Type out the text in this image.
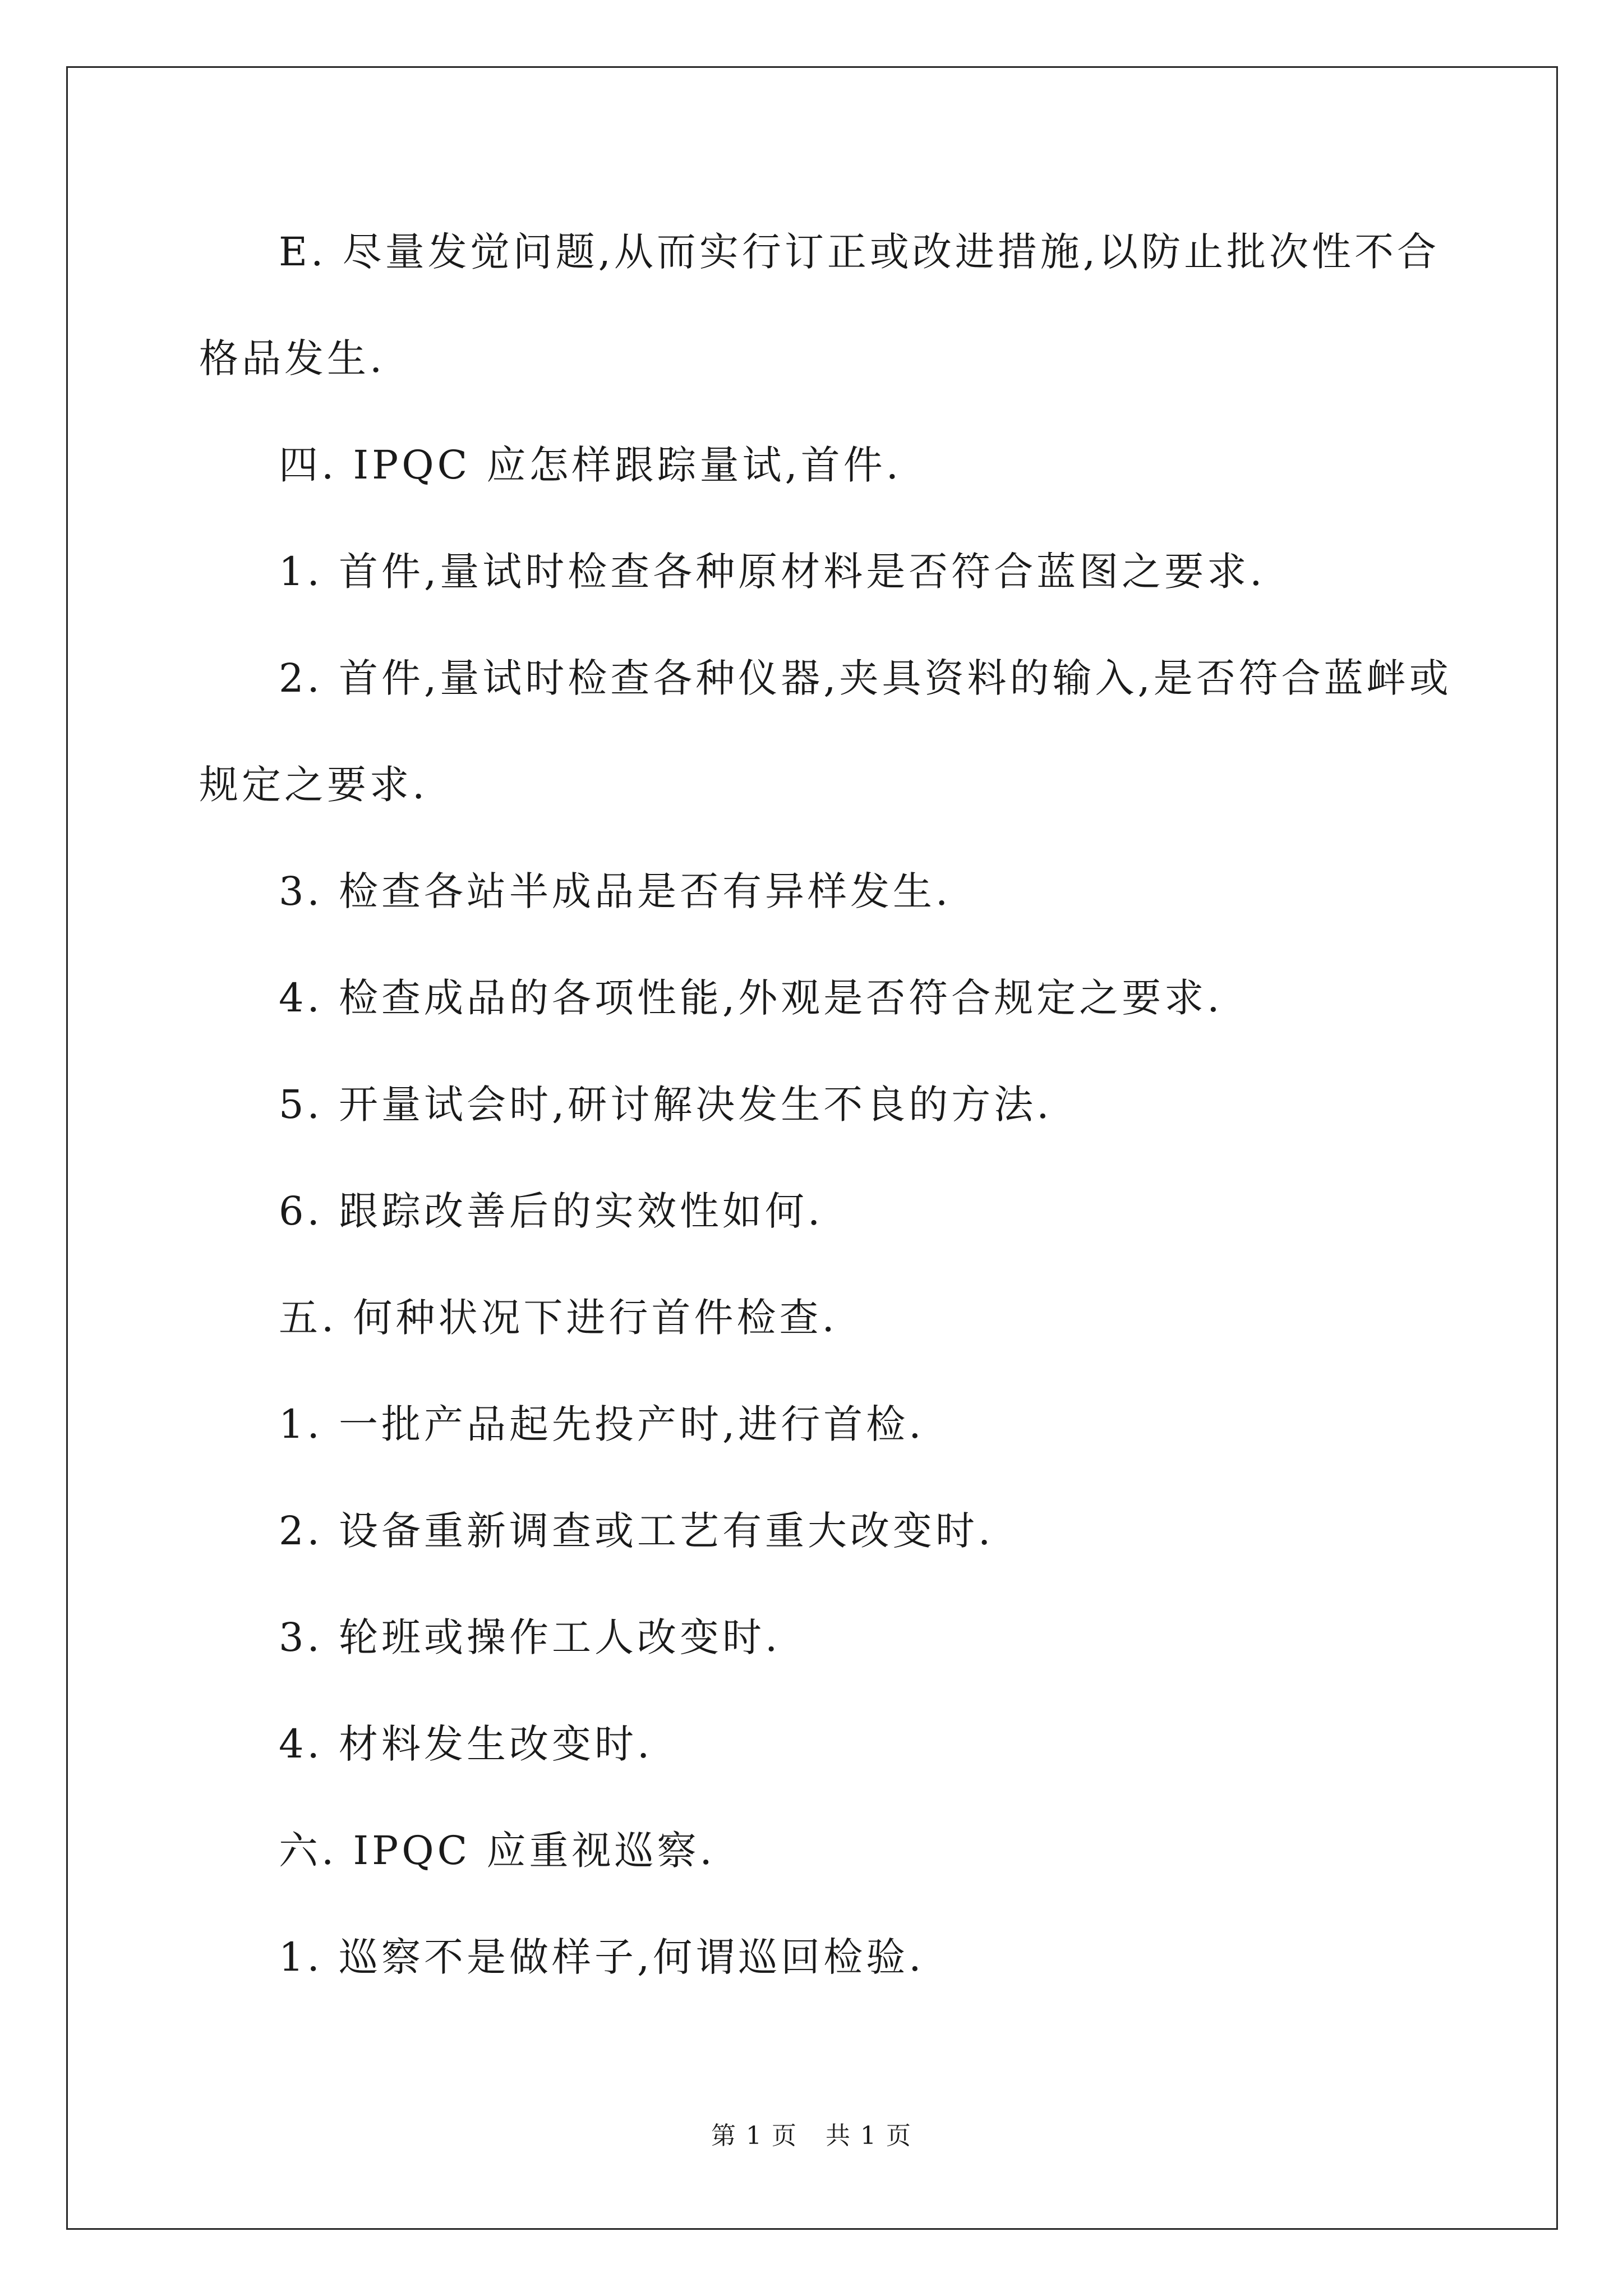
E. 尽量发觉问题,从而实行订正或改进措施,以防止批次性不合
格品发生.
四. IPQC 应怎样跟踪量试,首件.
1. 首件,量试时检查各种原材料是否符合蓝图之要求.
2. 首件,量试时检查各种仪器,夹具资料的输入,是否符合蓝衅或
规定之要求.
3. 检查各站半成品是否有异样发生.
4. 检查成品的各项性能,外观是否符合规定之要求.
5. 开量试会时,研讨解决发生不良的方法.
6. 跟踪改善后的实效性如何.
五. 何种状况下进行首件检查.
1. 一批产品起先投产时,进行首检.
2. 设备重新调查或工艺有重大改变时.
3. 轮班或操作工人改变时.
4. 材料发生改变时.
六. IPQC 应重视巡察.
1. 巡察不是做样子,何谓巡回检验.
第 1 页 共 1 页
